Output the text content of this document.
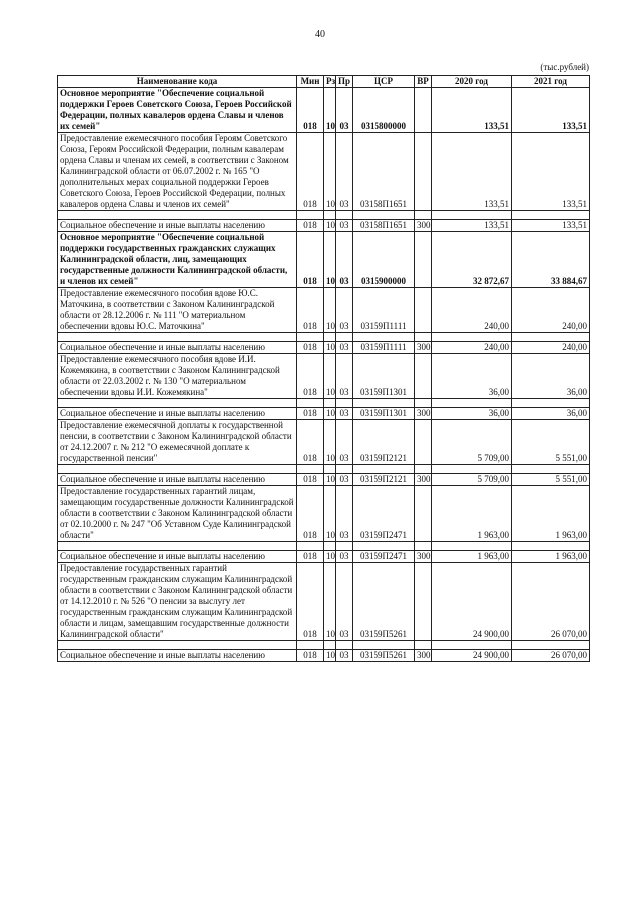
40
(тыс.рублей)
Наименование кода	Мин	Рз	Пр	ЦСР	ВР	2020 год	2021 год
Основное мероприятие "Обеспечение социальной поддержки Героев Советского Союза, Героев Российской Федерации, полных кавалеров ордена Славы и членов их семей"	018	10	03	0315800000		133,51	133,51
Предоставление ежемесячного пособия Героям Советского Союза, Героям Российской Федерации, полным кавалерам ордена Славы и членам их семей, в соответствии с Законом Калининградской области от 06.07.2002 г. № 165 "О дополнительных мерах социальной поддержки Героев Советского Союза, Героев Российской Федерации, полных кавалеров ордена Славы и членов их семей"	018	10	03	03158П1651		133,51	133,51

Социальное обеспечение и иные выплаты населению	018	10	03	03158П1651	300	133,51	133,51
Основное мероприятие "Обеспечение социальной поддержки государственных гражданских служащих Калининградской области, лиц, замещающих государственные должности Калининградской области, и членов их семей"	018	10	03	0315900000		32 872,67	33 884,67
Предоставление ежемесячного пособия вдове Ю.С. Маточкина, в соответствии с Законом Калининградской области от 28.12.2006 г. № 111 "О материальном обеспечении вдовы Ю.С. Маточкина"	018	10	03	03159П1111		240,00	240,00

Социальное обеспечение и иные выплаты населению	018	10	03	03159П1111	300	240,00	240,00
Предоставление ежемесячного пособия вдове И.И. Кожемякина, в соответствии с Законом Калининградской области от 22.03.2002 г. № 130 "О материальном обеспечении вдовы И.И. Кожемякина"	018	10	03	03159П1301		36,00	36,00

Социальное обеспечение и иные выплаты населению	018	10	03	03159П1301	300	36,00	36,00
Предоставление ежемесячной доплаты к государственной пенсии, в соответствии с Законом Калининградской области от 24.12.2007 г. № 212 "О ежемесячной доплате к государственной пенсии"	018	10	03	03159П2121		5 709,00	5 551,00

Социальное обеспечение и иные выплаты населению	018	10	03	03159П2121	300	5 709,00	5 551,00
Предоставление государственных гарантий лицам, замещающим государственные должности Калининградской области в соответствии с Законом Калининградской области от 02.10.2000 г. № 247 "Об Уставном Суде Калининградской области"	018	10	03	03159П2471		1 963,00	1 963,00

Социальное обеспечение и иные выплаты населению	018	10	03	03159П2471	300	1 963,00	1 963,00
Предоставление государственных гарантий государственным гражданским служащим Калининградской области в соответствии с Законом Калининградской области от 14.12.2010 г. № 526 "О пенсии за выслугу лет государственным гражданским служащим Калининградской области и лицам, замещавшим государственные должности Калининградской области"	018	10	03	03159П5261		24 900,00	26 070,00

Социальное обеспечение и иные выплаты населению	018	10	03	03159П5261	300	24 900,00	26 070,00
